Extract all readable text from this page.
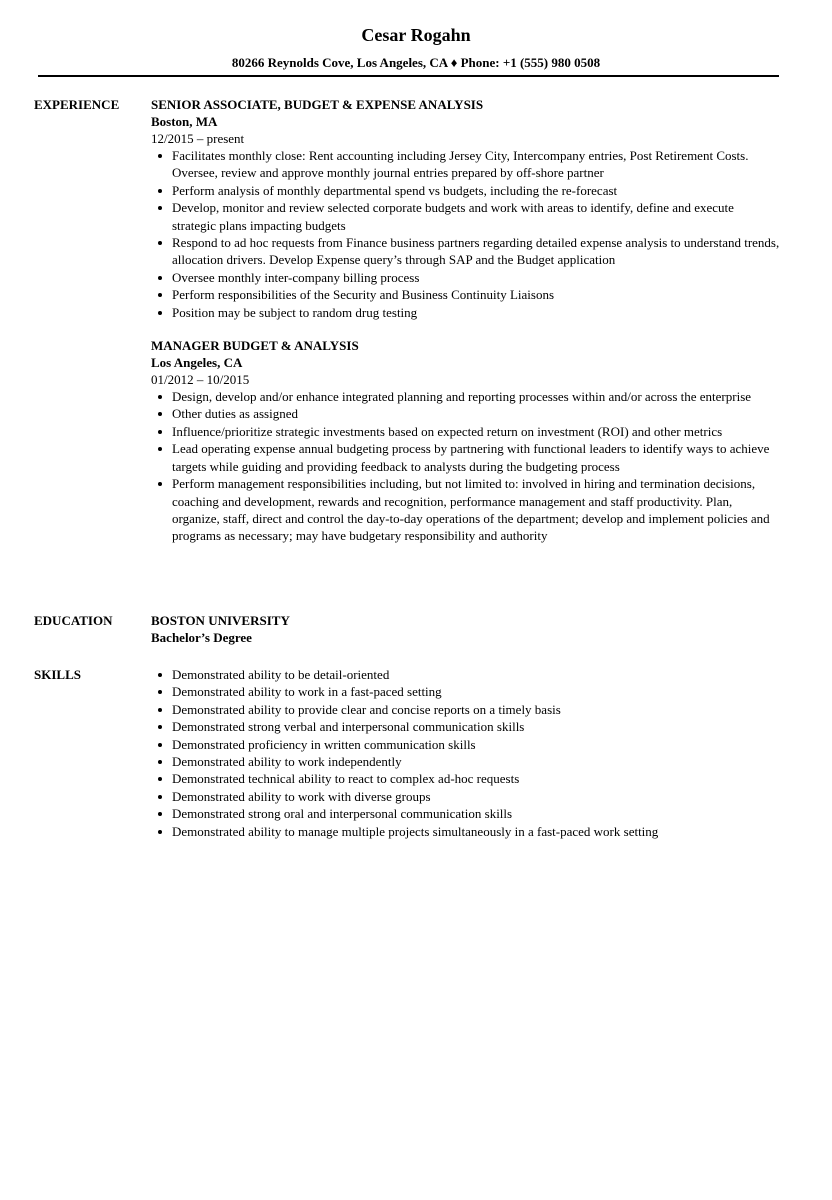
Cesar Rogahn
80266 Reynolds Cove, Los Angeles, CA ♦ Phone: +1 (555) 980 0508
EXPERIENCE SENIOR ASSOCIATE, BUDGET & EXPENSE ANALYSIS
Boston, MA
12/2015 – present
Facilitates monthly close: Rent accounting including Jersey City, Intercompany entries, Post Retirement Costs. Oversee, review and approve monthly journal entries prepared by off-shore partner
Perform analysis of monthly departmental spend vs budgets, including the re-forecast
Develop, monitor and review selected corporate budgets and work with areas to identify, define and execute strategic plans impacting budgets
Respond to ad hoc requests from Finance business partners regarding detailed expense analysis to understand trends, allocation drivers. Develop Expense query’s through SAP and the Budget application
Oversee monthly inter-company billing process
Perform responsibilities of the Security and Business Continuity Liaisons
Position may be subject to random drug testing
MANAGER BUDGET & ANALYSIS
Los Angeles, CA
01/2012 – 10/2015
Design, develop and/or enhance integrated planning and reporting processes within and/or across the enterprise
Other duties as assigned
Influence/prioritize strategic investments based on expected return on investment (ROI) and other metrics
Lead operating expense annual budgeting process by partnering with functional leaders to identify ways to achieve targets while guiding and providing feedback to analysts during the budgeting process
Perform management responsibilities including, but not limited to: involved in hiring and termination decisions, coaching and development, rewards and recognition, performance management and staff productivity. Plan, organize, staff, direct and control the day-to-day operations of the department; develop and implement policies and programs as necessary; may have budgetary responsibility and authority
EDUCATION	BOSTON UNIVERSITY
Bachelor’s Degree
SKILLS	Demonstrated ability to be detail-oriented
Demonstrated ability to work in a fast-paced setting
Demonstrated ability to provide clear and concise reports on a timely basis
Demonstrated strong verbal and interpersonal communication skills
Demonstrated proficiency in written communication skills
Demonstrated ability to work independently
Demonstrated technical ability to react to complex ad-hoc requests
Demonstrated ability to work with diverse groups
Demonstrated strong oral and interpersonal communication skills
Demonstrated ability to manage multiple projects simultaneously in a fast-paced work setting
